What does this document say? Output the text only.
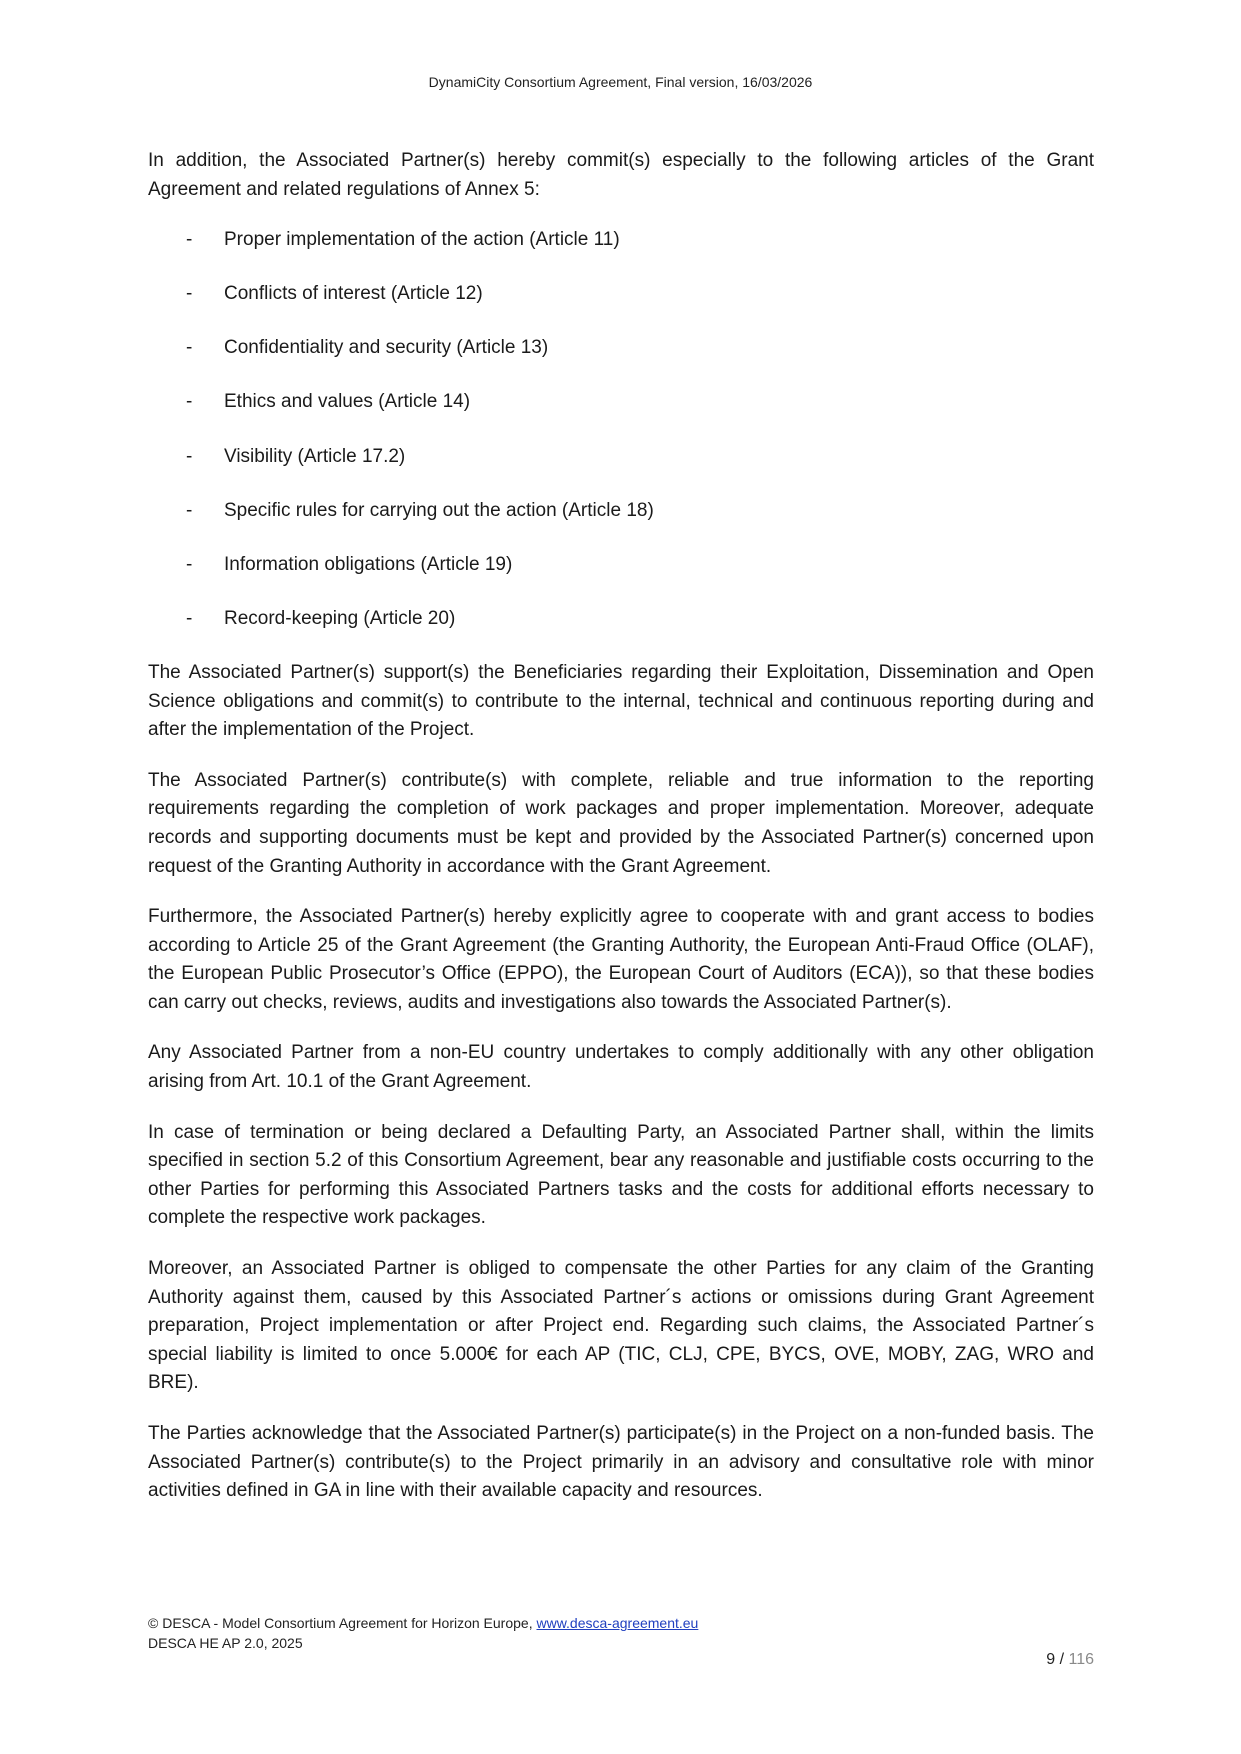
DynamiCity Consortium Agreement, Final version, 16/03/2026

In addition, the Associated Partner(s) hereby commit(s) especially to the following articles of the Grant Agreement and related regulations of Annex 5:

- Proper implementation of the action (Article 11)
- Conflicts of interest (Article 12)
- Confidentiality and security (Article 13)
- Ethics and values (Article 14)
- Visibility (Article 17.2)
- Specific rules for carrying out the action (Article 18)
- Information obligations (Article 19)
- Record-keeping (Article 20)

The Associated Partner(s) support(s) the Beneficiaries regarding their Exploitation, Dissemination and Open Science obligations and commit(s) to contribute to the internal, technical and continuous reporting during and after the implementation of the Project.

The Associated Partner(s) contribute(s) with complete, reliable and true information to the reporting requirements regarding the completion of work packages and proper implementation. Moreover, adequate records and supporting documents must be kept and provided by the Associated Partner(s) concerned upon request of the Granting Authority in accordance with the Grant Agreement.

Furthermore, the Associated Partner(s) hereby explicitly agree to cooperate with and grant access to bodies according to Article 25 of the Grant Agreement (the Granting Authority, the European Anti-Fraud Office (OLAF), the European Public Prosecutor’s Office (EPPO), the European Court of Auditors (ECA)), so that these bodies can carry out checks, reviews, audits and investigations also towards the Associated Partner(s).

Any Associated Partner from a non-EU country undertakes to comply additionally with any other obligation arising from Art. 10.1 of the Grant Agreement.

In case of termination or being declared a Defaulting Party, an Associated Partner shall, within the limits specified in section 5.2 of this Consortium Agreement, bear any reasonable and justifiable costs occurring to the other Parties for performing this Associated Partners tasks and the costs for additional efforts necessary to complete the respective work packages.

Moreover, an Associated Partner is obliged to compensate the other Parties for any claim of the Granting Authority against them, caused by this Associated Partner´s actions or omissions during Grant Agreement preparation, Project implementation or after Project end. Regarding such claims, the Associated Partner´s special liability is limited to once 5.000€ for each AP (TIC, CLJ, CPE, BYCS, OVE, MOBY, ZAG, WRO and BRE).

The Parties acknowledge that the Associated Partner(s) participate(s) in the Project on a non-funded basis. The Associated Partner(s) contribute(s) to the Project primarily in an advisory and consultative role with minor activities defined in GA in line with their available capacity and resources.

© DESCA - Model Consortium Agreement for Horizon Europe, www.desca-agreement.eu
DESCA HE AP 2.0, 2025
9 / 116
